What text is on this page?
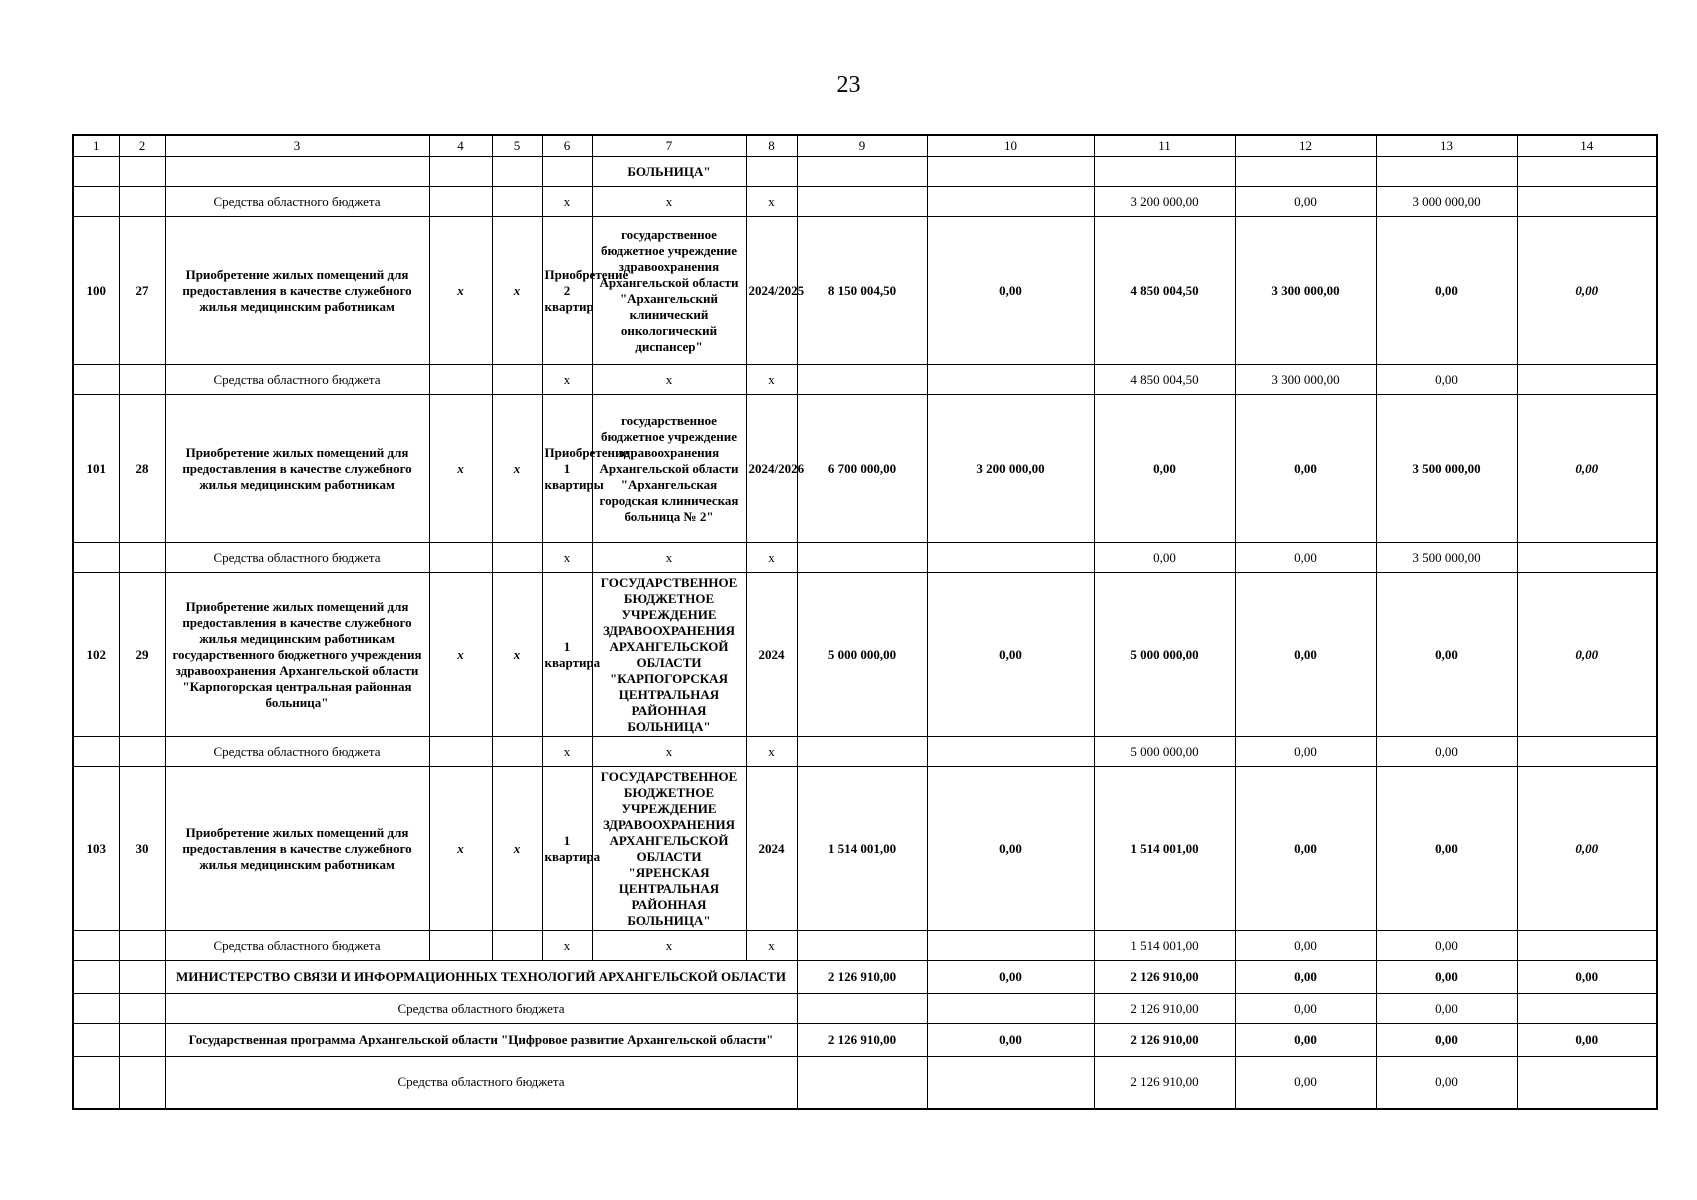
23
1	2	3	4	5	6	7	8	9	10	11	12	13	14
						БОЛЬНИЦА"							
		Средства областного бюджета			х	х	х			3 200 000,00	0,00	3 000 000,00	
100	27	Приобретение жилых помещений для предоставления в качестве служебного жилья медицинским работникам	х	х	Приобретение 2 квартир	государственное бюджетное учреждение здравоохранения Архангельской области "Архангельский клинический онкологический диспансер"	2024/2025	8 150 004,50	0,00	4 850 004,50	3 300 000,00	0,00	0,00
		Средства областного бюджета			х	х	х			4 850 004,50	3 300 000,00	0,00	
101	28	Приобретение жилых помещений для предоставления в качестве служебного жилья медицинским работникам	х	х	Приобретение 1 квартиры	государственное бюджетное учреждение здравоохранения Архангельской области "Архангельская городская клиническая больница № 2"	2024/2026	6 700 000,00	3 200 000,00	0,00	0,00	3 500 000,00	0,00
		Средства областного бюджета			х	х	х			0,00	0,00	3 500 000,00	
102	29	Приобретение жилых помещений для предоставления в качестве служебного жилья медицинским работникам государственного бюджетного учреждения здравоохранения Архангельской области "Карпогорская центральная районная больница"	х	х	1 квартира	ГОСУДАРСТВЕННОЕ БЮДЖЕТНОЕ УЧРЕЖДЕНИЕ ЗДРАВООХРАНЕНИЯ АРХАНГЕЛЬСКОЙ ОБЛАСТИ "КАРПОГОРСКАЯ ЦЕНТРАЛЬНАЯ РАЙОННАЯ БОЛЬНИЦА"	2024	5 000 000,00	0,00	5 000 000,00	0,00	0,00	0,00
		Средства областного бюджета			х	х	х			5 000 000,00	0,00	0,00	
103	30	Приобретение жилых помещений для предоставления в качестве служебного жилья медицинским работникам	х	х	1 квартира	ГОСУДАРСТВЕННОЕ БЮДЖЕТНОЕ УЧРЕЖДЕНИЕ ЗДРАВООХРАНЕНИЯ АРХАНГЕЛЬСКОЙ ОБЛАСТИ "ЯРЕНСКАЯ ЦЕНТРАЛЬНАЯ РАЙОННАЯ БОЛЬНИЦА"	2024	1 514 001,00	0,00	1 514 001,00	0,00	0,00	0,00
		Средства областного бюджета			х	х	х			1 514 001,00	0,00	0,00	
		МИНИСТЕРСТВО СВЯЗИ И ИНФОРМАЦИОННЫХ ТЕХНОЛОГИЙ АРХАНГЕЛЬСКОЙ ОБЛАСТИ						2 126 910,00	0,00	2 126 910,00	0,00	0,00	0,00
		Средства областного бюджета								2 126 910,00	0,00	0,00	
		Государственная программа Архангельской области "Цифровое развитие Архангельской области"						2 126 910,00	0,00	2 126 910,00	0,00	0,00	0,00
		Средства областного бюджета								2 126 910,00	0,00	0,00	
